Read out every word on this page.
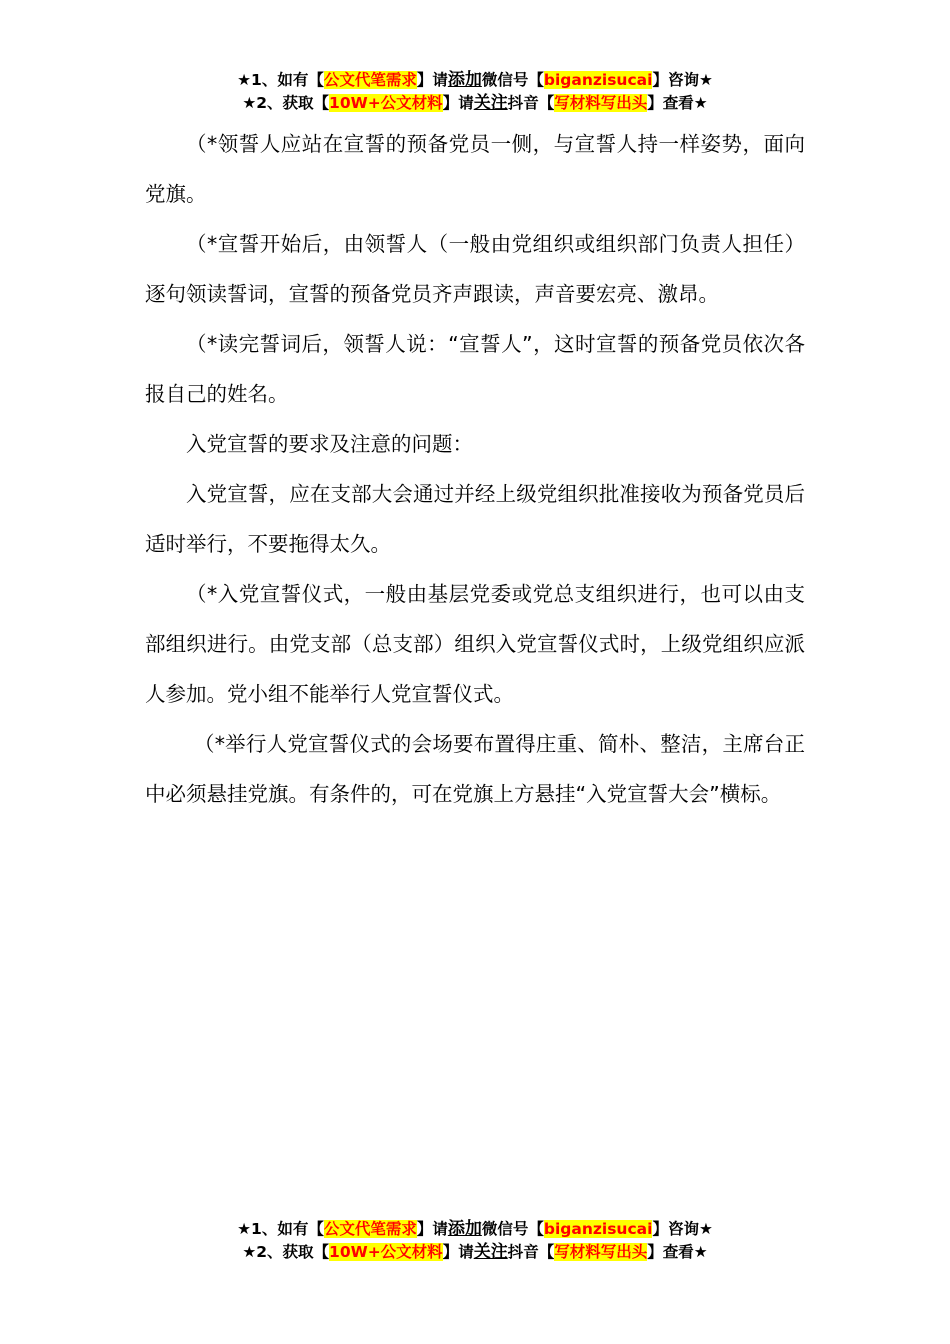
★1、如有【公文代笔需求】请添加微信号【biganzisucai】咨询★
★2、获取【10W+公文材料】请关注抖音【写材料写出头】查看★

（*领誓人应站在宣誓的预备党员一侧，与宣誓人持一样姿势，面向党旗。

（*宣誓开始后，由领誓人（一般由党组织或组织部门负责人担任）逐句领读誓词，宣誓的预备党员齐声跟读，声音要宏亮、激昂。

（*读完誓词后，领誓人说：“宣誓人”，这时宣誓的预备党员依次各报自己的姓名。

入党宣誓的要求及注意的问题：

入党宣誓，应在支部大会通过并经上级党组织批准接收为预备党员后适时举行，不要拖得太久。

（*入党宣誓仪式，一般由基层党委或党总支组织进行，也可以由支部组织进行。由党支部（总支部）组织入党宣誓仪式时，上级党组织应派人参加。党小组不能举行人党宣誓仪式。

（*举行人党宣誓仪式的会场要布置得庄重、简朴、整洁，主席台正中必须悬挂党旗。有条件的，可在党旗上方悬挂“入党宣誓大会”横标。

★1、如有【公文代笔需求】请添加微信号【biganzisucai】咨询★
★2、获取【10W+公文材料】请关注抖音【写材料写出头】查看★
